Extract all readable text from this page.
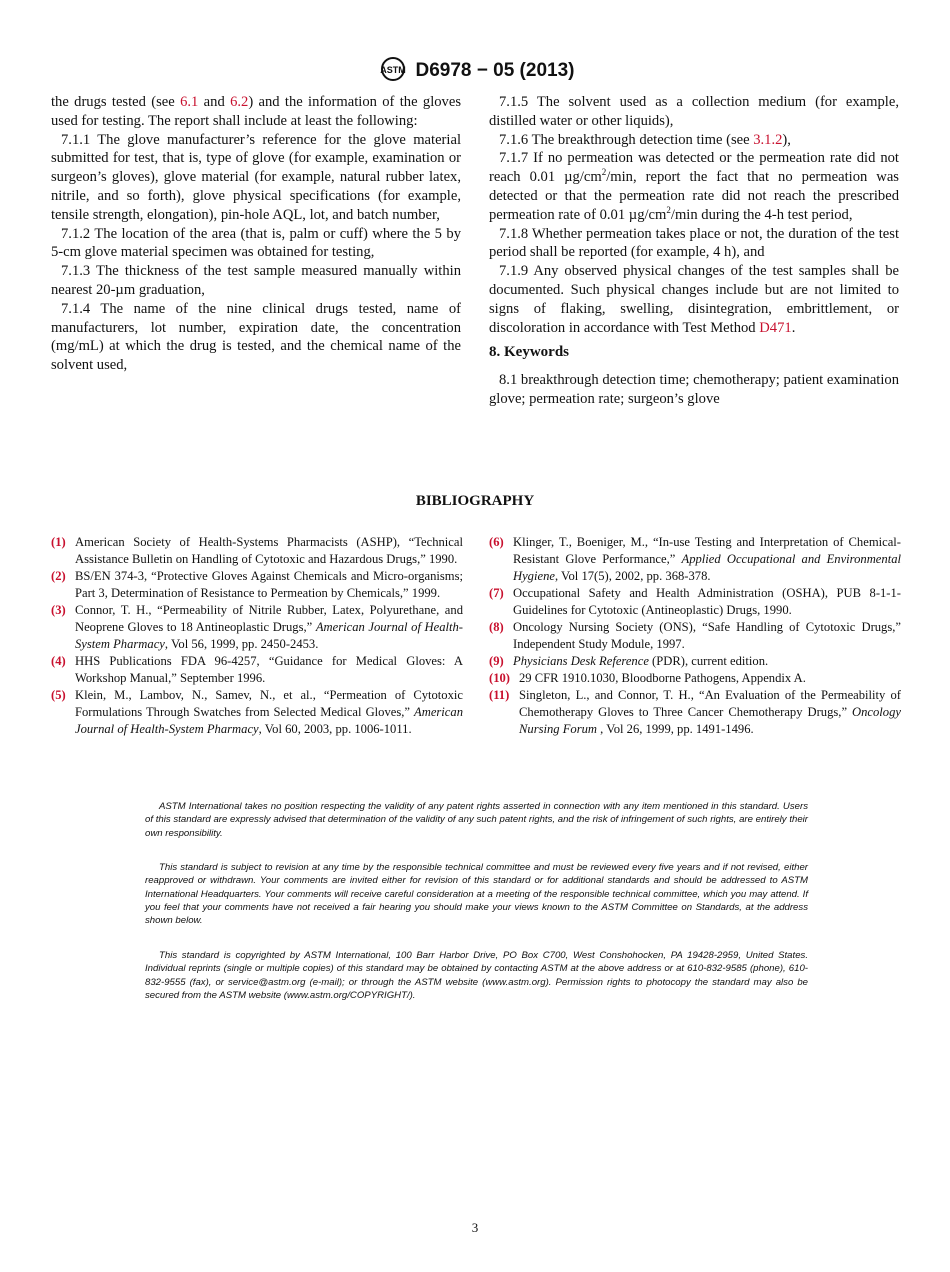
ASTM D6978 − 05 (2013)

the drugs tested (see 6.1 and 6.2) and the information of the gloves used for testing. The report shall include at least the following:

7.1.1 The glove manufacturer’s reference for the glove material submitted for test, that is, type of glove (for example, examination or surgeon’s gloves), glove material (for example, natural rubber latex, nitrile, and so forth), glove physical specifications (for example, tensile strength, elongation), pin-hole AQL, lot, and batch number,

7.1.2 The location of the area (that is, palm or cuff) where the 5 by 5-cm glove material specimen was obtained for testing,

7.1.3 The thickness of the test sample measured manually within nearest 20-µm graduation,

7.1.4 The name of the nine clinical drugs tested, name of manufacturers, lot number, expiration date, the concentration (mg/mL) at which the drug is tested, and the chemical name of the solvent used,

7.1.5 The solvent used as a collection medium (for example, distilled water or other liquids),

7.1.6 The breakthrough detection time (see 3.1.2),

7.1.7 If no permeation was detected or the permeation rate did not reach 0.01 $\mu g/cm^2/\min$, report the fact that no permeation was detected or that the permeation rate did not reach the prescribed permeation rate of 0.01 $\mu g/cm^2/\min$ during the 4-h test period,

7.1.8 Whether permeation takes place or not, the duration of the test period shall be reported (for example, 4 h), and

7.1.9 Any observed physical changes of the test samples shall be documented. Such physical changes include but are not limited to signs of flaking, swelling, disintegration, embrittlement, or discoloration in accordance with Test Method D471.

8. Keywords

8.1 breakthrough detection time; chemotherapy; patient examination glove; permeation rate; surgeon’s glove

BIBLIOGRAPHY
(1) American Society of Health-Systems Pharmacists (ASHP), “Technical Assistance Bulletin on Handling of Cytotoxic and Hazardous Drugs,” 1990.
(2) BS/EN 374-3, “Protective Gloves Against Chemicals and Micro-organisms; Part 3, Determination of Resistance to Permeation by Chemicals,” 1999.
(3) Connor, T. H., “Permeability of Nitrile Rubber, Latex, Polyurethane, and Neoprene Gloves to 18 Antineoplastic Drugs,” American Journal of Health-System Pharmacy, Vol 56, 1999, pp. 2450-2453.
(4) HHS Publications FDA 96-4257, “Guidance for Medical Gloves: A Workshop Manual,” September 1996.
(5) Klein, M., Lambov, N., Samev, N., et al., “Permeation of Cytotoxic Formulations Through Swatches from Selected Medical Gloves,” American Journal of Health-System Pharmacy, Vol 60, 2003, pp. 1006-1011.
(6) Klinger, T., Boeniger, M., “In-use Testing and Interpretation of Chemical-Resistant Glove Performance,” Applied Occupational and Environmental Hygiene, Vol 17(5), 2002, pp. 368-378.
(7) Occupational Safety and Health Administration (OSHA), PUB 8-1-1-Guidelines for Cytotoxic (Antineoplastic) Drugs, 1990.
(8) Oncology Nursing Society (ONS), “Safe Handling of Cytotoxic Drugs,” Independent Study Module, 1997.
(9) Physicians Desk Reference (PDR), current edition.
(10) 29 CFR 1910.1030, Bloodborne Pathogens, Appendix A.
(11) Singleton, L., and Connor, T. H., “An Evaluation of the Permeability of Chemotherapy Gloves to Three Cancer Chemotherapy Drugs,” Oncology Nursing Forum , Vol 26, 1999, pp. 1491-1496.

ASTM International takes no position respecting the validity of any patent rights asserted in connection with any item mentioned in this standard. Users of this standard are expressly advised that determination of the validity of any such patent rights, and the risk of infringement of such rights, are entirely their own responsibility.

This standard is subject to revision at any time by the responsible technical committee and must be reviewed every five years and if not revised, either reapproved or withdrawn. Your comments are invited either for revision of this standard or for additional standards and should be addressed to ASTM International Headquarters. Your comments will receive careful consideration at a meeting of the responsible technical committee, which you may attend. If you feel that your comments have not received a fair hearing you should make your views known to the ASTM Committee on Standards, at the address shown below.

This standard is copyrighted by ASTM International, 100 Barr Harbor Drive, PO Box C700, West Conshohocken, PA 19428-2959, United States. Individual reprints (single or multiple copies) of this standard may be obtained by contacting ASTM at the above address or at 610-832-9585 (phone), 610-832-9555 (fax), or service@astm.org (e-mail); or through the ASTM website (www.astm.org). Permission rights to photocopy the standard may also be secured from the ASTM website (www.astm.org/COPYRIGHT/).

3
